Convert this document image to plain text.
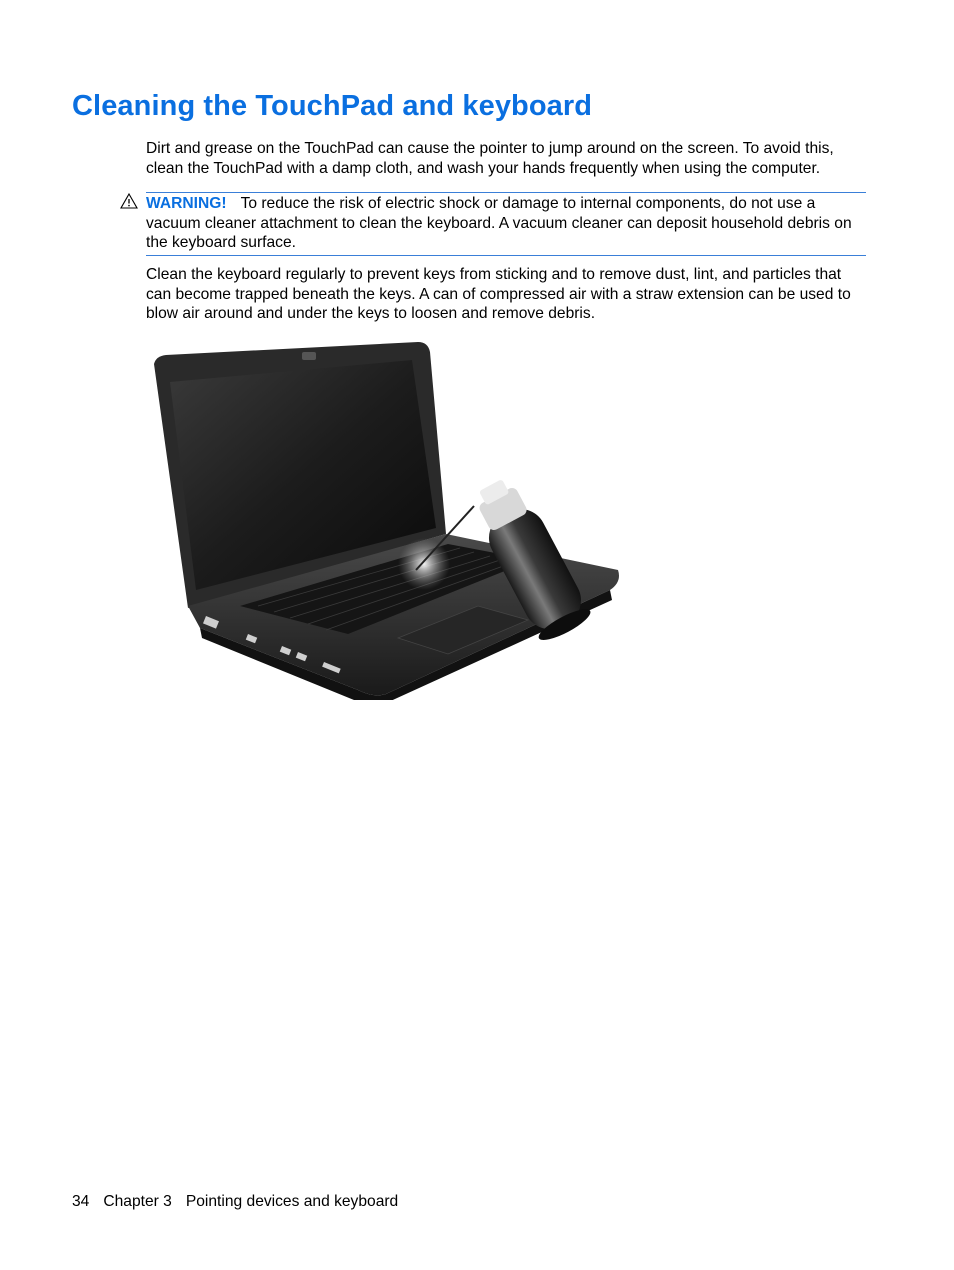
Cleaning the TouchPad and keyboard

Dirt and grease on the TouchPad can cause the pointer to jump around on the screen. To avoid this, clean the TouchPad with a damp cloth, and wash your hands frequently when using the computer.

WARNING! To reduce the risk of electric shock or damage to internal components, do not use a vacuum cleaner attachment to clean the keyboard. A vacuum cleaner can deposit household debris on the keyboard surface.

Clean the keyboard regularly to prevent keys from sticking and to remove dust, lint, and particles that can become trapped beneath the keys. A can of compressed air with a straw extension can be used to blow air around and under the keys to loosen and remove debris.

34 Chapter 3 Pointing devices and keyboard
